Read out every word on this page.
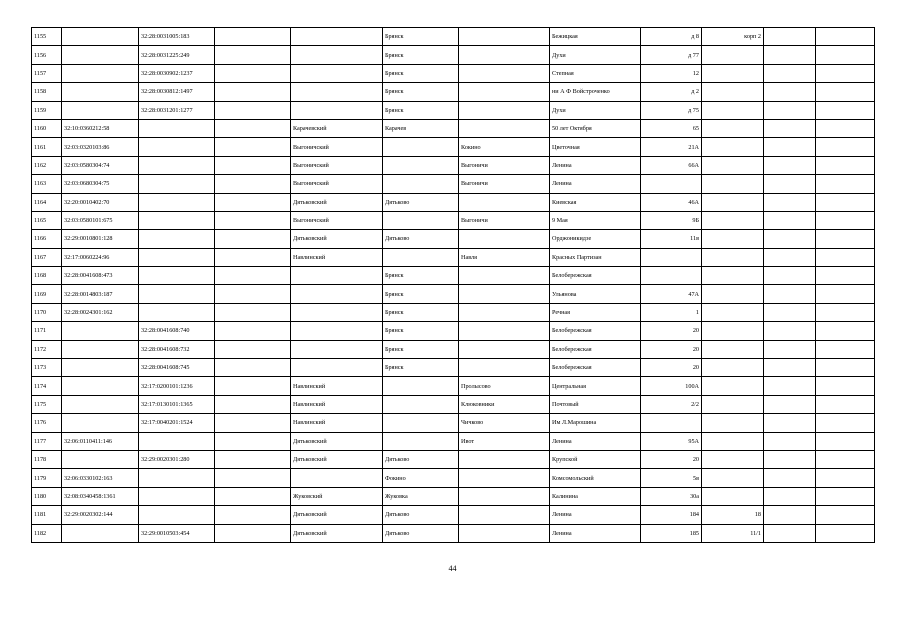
1155		32:28:0031005:183			Брянск		Бежицкая	д 8	корп 2		
1156		32:28:0031225:249			Брянск		Духи	д 77			
1157		32:28:0030902:1237			Брянск		Степная	12			
1158		32:28:0030812:1497			Брянск		ни А Ф Войстроченко	д 2			
1159		32:28:0031201:1277			Брянск		Духи	д 75			
1160	32:10:0360212:58			Карачевский	Карачев		50 лет Октября	65			
1161	32:03:0320103:86			Выгоничский		Кокино	Цветочная	21А			
1162	32:03:0580304:74			Выгоничский		Выгоничи	Ленина	66А			
1163	32:03:0680304:75			Выгоничский		Выгоничи	Ленина				
1164	32:20:0010402:70			Дятьковский	Дятьково		Киевская	46А			
1165	32:03:0580101:675			Выгоничский		Выгоничи	9 Мая	9Б			
1166	32:29:0010801:128			Дятьковский	Дятьково		Орджоникидзе	11в			
1167	32:17:0060224:96			Навлинский		Навля	Красных Партизан				
1168	32:28:0041608:473				Брянск		Белобережская				
1169	32:28:0014803:187				Брянск		Ульянова	47А			
1170	32:28:0024301:162				Брянск		Речная	1			
1171		32:28:0041608:740			Брянск		Белобережская	20			
1172		32:28:0041608:732			Брянск		Белобережская	20			
1173		32:28:0041608:745			Брянск		Белобережская	20			
1174		32:17:0200101:1236		Навлинский		Пролысово	Центральная	100А			
1175		32:17:0130101:1365		Навлинский		Клюковники	Почтовый	2/2			
1176		32:17:0040201:1524		Навлинский		Чичково	Им Л.Марошина				
1177	32:06:0110411:146			Дятьковский		Ивот	Ленина	95А			
1178		32:29:0020301:280		Дятьковский	Дятьково		Крупской	20			
1179	32:06:0330102:163				Фокино		Комсомольский	5в			
1180	32:08:0340458:1361			Жуковский	Жуковка		Калинина	30а			
1181	32:29:0020302:144			Дятьковский	Дятьково		Ленина	184	18		
1182		32:29:0010503:454		Дятьковский	Дятьково		Ленина	185	11/1		
44
